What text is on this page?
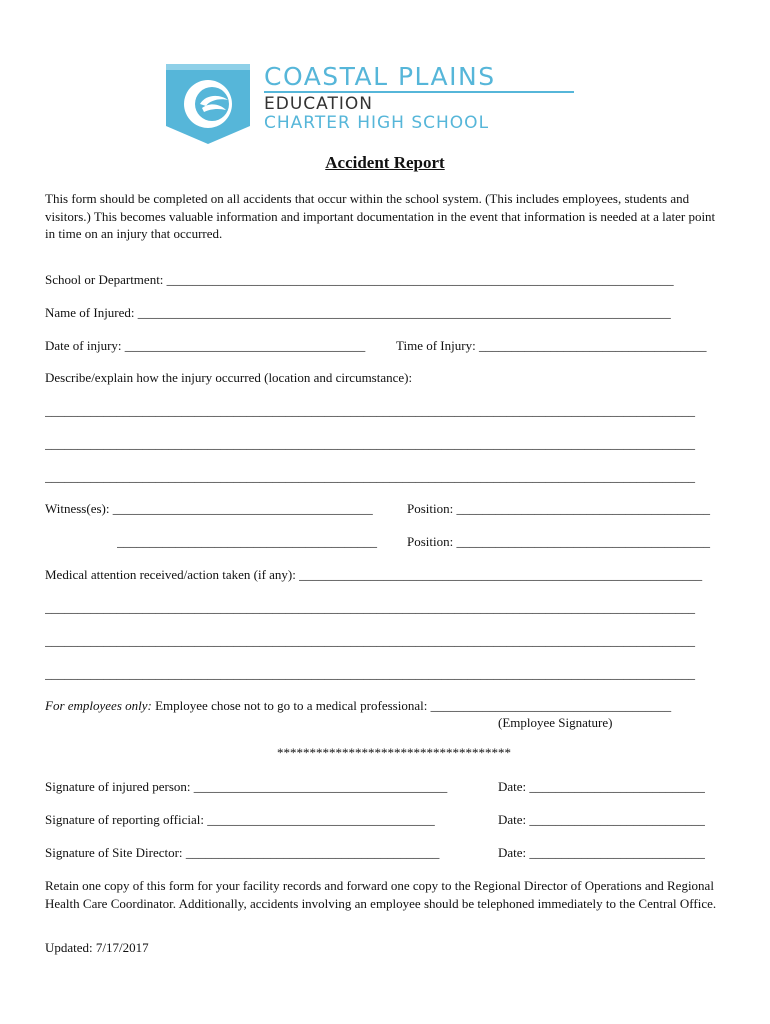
COASTAL PLAINS
EDUCATION
CHARTER HIGH SCHOOL
Accident Report
This form should be completed on all accidents that occur within the school system. (This includes employees, students and visitors.) This becomes valuable information and important documentation in the event that information is needed at a later point in time on an injury that occurred.
School or Department: ______________________________________________________________________________
Name of Injured: __________________________________________________________________________________
Date of injury: _____________________________________	Time of Injury: ___________________________________
Describe/explain how the injury occurred (location and circumstance):
____________________________________________________________________________________________________
____________________________________________________________________________________________________
____________________________________________________________________________________________________
Witness(es): ________________________________________	Position: _______________________________________
________________________________________	Position: _______________________________________
Medical attention received/action taken (if any): ______________________________________________________________
____________________________________________________________________________________________________
____________________________________________________________________________________________________
____________________________________________________________________________________________________
For employees only: Employee chose not to go to a medical professional: _____________________________________
(Employee Signature)
************************************
Signature of injured person: _______________________________________	Date: ___________________________
Signature of reporting official: ___________________________________	Date: ___________________________
Signature of Site Director: _______________________________________	Date: ___________________________
Retain one copy of this form for your facility records and forward one copy to the Regional Director of Operations and Regional Health Care Coordinator. Additionally, accidents involving an employee should be telephoned immediately to the Central Office.
Updated: 7/17/2017
